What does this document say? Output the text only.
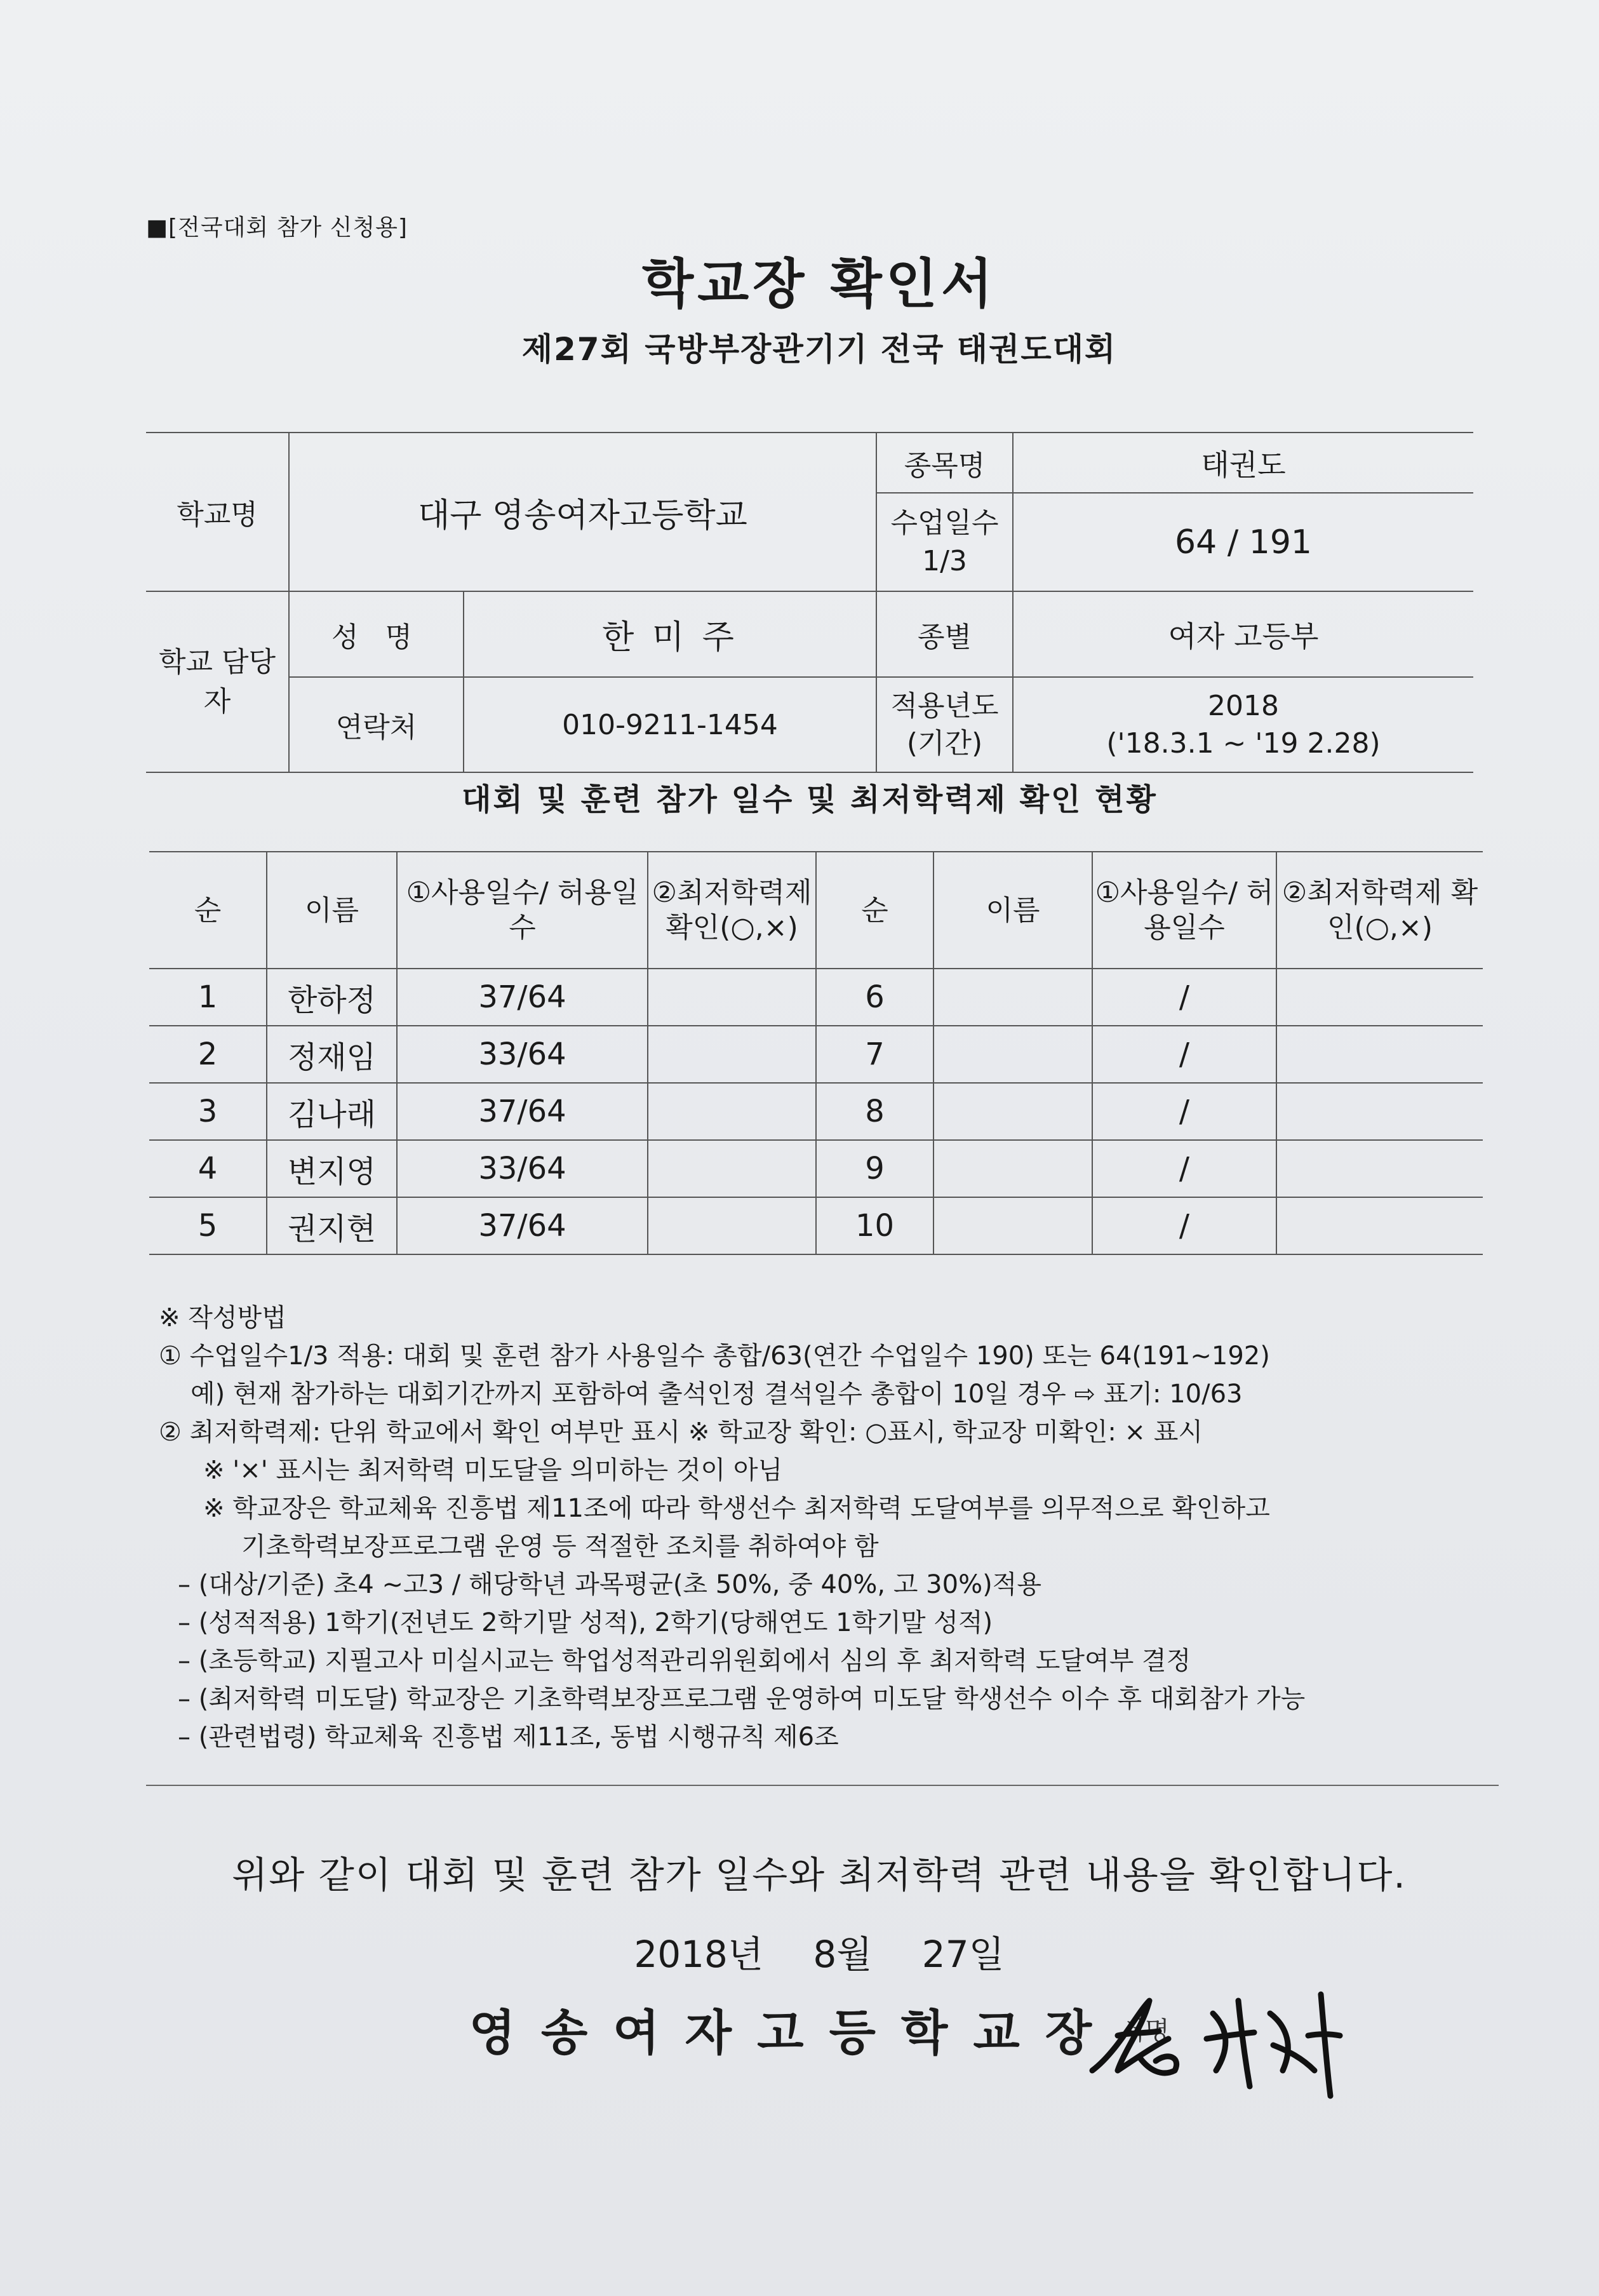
■[전국대회 참가 신청용]
학교장 확인서
제27회 국방부장관기기 전국 태권도대회
학교명	대구 영송여자고등학교		종목명	태권도
			수업일수 1/3	64 / 191
학교 담당자	성 명	한 미 주	종별	여자 고등부
	연락처	010-9211-1454	적용년도 (기간)	2018
('18.3.1 ~ '19 2.28)
대회 및 훈련 참가 일수 및 최저학력제 확인 현황
순	이름	①사용일수/ 허용일수	②최저학력제 확인(○,×)	순	이름	①사용일수/ 허용일수	②최저학력제 확인(○,×)
1	한하정	37/64		6		/	
2	정재임	33/64		7		/	
3	김나래	37/64		8		/	
4	변지영	33/64		9		/	
5	권지현	37/64		10		/	
※ 작성방법
① 수업일수1/3 적용: 대회 및 훈련 참가 사용일수 총합/63(연간 수업일수 190) 또는 64(191~192)
예) 현재 참가하는 대회기간까지 포함하여 출석인정 결석일수 총합이 10일 경우 ⇨ 표기: 10/63
② 최저학력제: 단위 학교에서 확인 여부만 표시 ※ 학교장 확인: ○표시, 학교장 미확인: × 표시
※ '×' 표시는 최저학력 미도달을 의미하는 것이 아님
※ 학교장은 학교체육 진흥법 제11조에 따라 학생선수 최저학력 도달여부를 의무적으로 확인하고
기초학력보장프로그램 운영 등 적절한 조치를 취하여야 함
– (대상/기준) 초4 ~고3 / 해당학년 과목평균(초 50%, 중 40%, 고 30%)적용
– (성적적용) 1학기(전년도 2학기말 성적), 2학기(당해연도 1학기말 성적)
– (초등학교) 지필고사 미실시교는 학업성적관리위원회에서 심의 후 최저학력 도달여부 결정
– (최저학력 미도달) 학교장은 기초학력보장프로그램 운영하여 미도달 학생선수 이수 후 대회참가 가능
– (관련법령) 학교체육 진흥법 제11조, 동법 시행규칙 제6조
위와 같이 대회 및 훈련 참가 일수와 최저학력 관련 내용을 확인합니다.
2018년 8월 27일
영송여자고등학교장 서명
